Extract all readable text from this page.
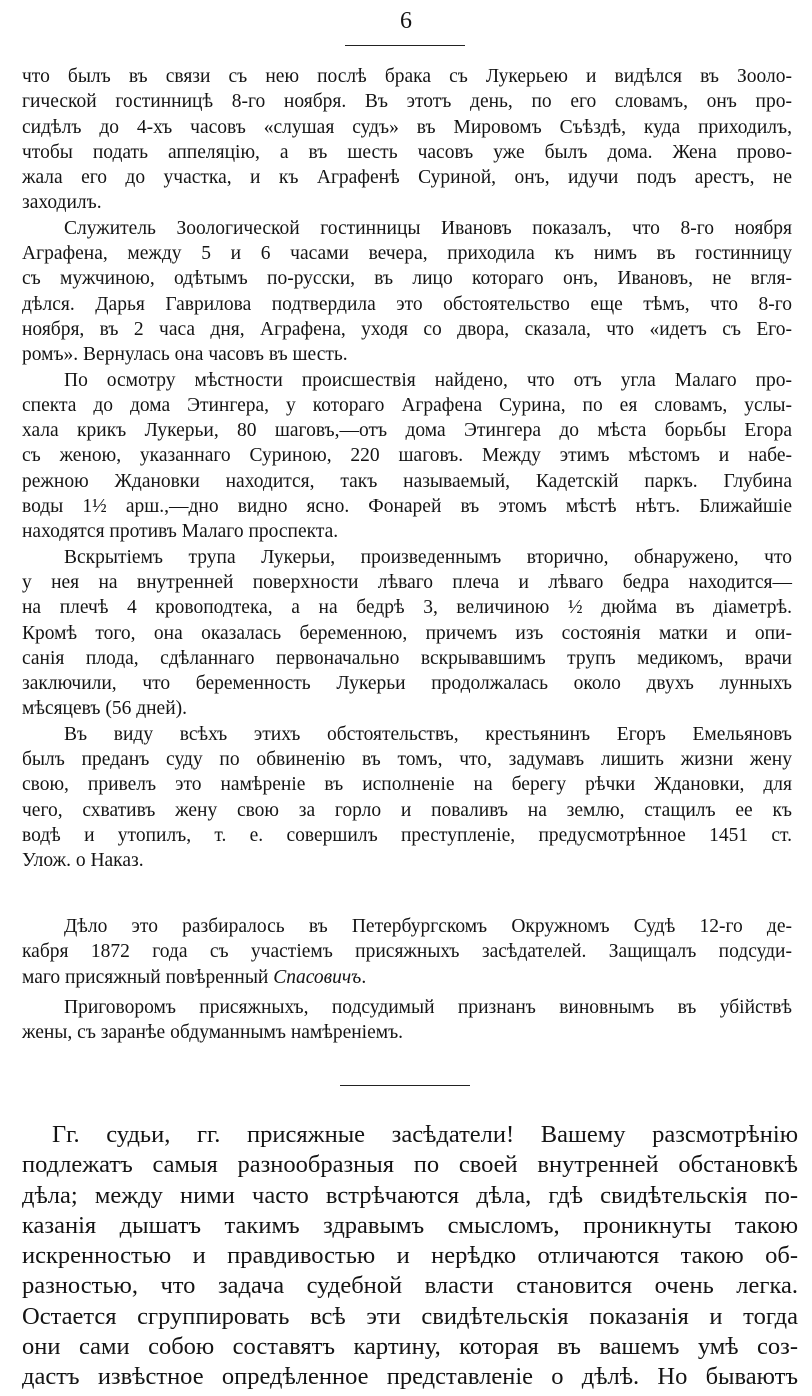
6
что былъ въ связи съ нею послѣ брака съ Лукерьею и видѣлся въ Зооло-
гической гостинницѣ 8-го ноября. Въ этотъ день, по его словамъ, онъ про-
сидѣлъ до 4-хъ часовъ «слушая судъ» въ Мировомъ Съѣздѣ, куда приходилъ,
чтобы подать аппеляцію, а въ шесть часовъ уже былъ дома. Жена прово-
жала его до участка, и къ Аграфенѣ Суриной, онъ, идучи подъ арестъ, не
заходилъ.
Служитель Зоологической гостинницы Ивановъ показалъ, что 8-го ноября
Аграфена, между 5 и 6 часами вечера, приходила къ нимъ въ гостинницу
съ мужчиною, одѣтымъ по-русски, въ лицо котораго онъ, Ивановъ, не вгля-
дѣлся. Дарья Гаврилова подтвердила это обстоятельство еще тѣмъ, что 8-го
ноября, въ 2 часа дня, Аграфена, уходя со двора, сказала, что «идетъ съ Его-
ромъ». Вернулась она часовъ въ шесть.
По осмотру мѣстности происшествія найдено, что отъ угла Малаго про-
спекта до дома Этингера, у котораго Аграфена Сурина, по ея словамъ, услы-
хала крикъ Лукерьи, 80 шаговъ,—отъ дома Этингера до мѣста борьбы Егора
съ женою, указаннаго Суриною, 220 шаговъ. Между этимъ мѣстомъ и набе-
режною Ждановки находится, такъ называемый, Кадетскій паркъ. Глубина
воды 1½ арш.,—дно видно ясно. Фонарей въ этомъ мѣстѣ нѣтъ. Ближайшіе
находятся противъ Малаго проспекта.
Вскрытіемъ трупа Лукерьи, произведеннымъ вторично, обнаружено, что
у нея на внутренней поверхности лѣваго плеча и лѣваго бедра находится—
на плечѣ 4 кровоподтека, а на бедрѣ 3, величиною ½ дюйма въ діаметрѣ.
Кромѣ того, она оказалась беременною, причемъ изъ состоянія матки и опи-
санія плода, сдѣланнаго первоначально вскрывавшимъ трупъ медикомъ, врачи
заключили, что беременность Лукерьи продолжалась около двухъ лунныхъ
мѣсяцевъ (56 дней).
Въ виду всѣхъ этихъ обстоятельствъ, крестьянинъ Егоръ Емельяновъ
былъ преданъ суду по обвиненію въ томъ, что, задумавъ лишить жизни жену
свою, привелъ это намѣреніе въ исполненіе на берегу рѣчки Ждановки, для
чего, схвативъ жену свою за горло и поваливъ на землю, стащилъ ее къ
водѣ и утопилъ, т. е. совершилъ преступленіе, предусмотрѣнное 1451 ст.
Улож. о Наказ.
Дѣло это разбиралось въ Петербургскомъ Окружномъ Судѣ 12-го де-
кабря 1872 года съ участіемъ присяжныхъ засѣдателей. Защищалъ подсуди-
маго присяжный повѣренный Спасовичъ.
Приговоромъ присяжныхъ, подсудимый признанъ виновнымъ въ убійствѣ
жены, съ заранѣе обдуманнымъ намѣреніемъ.
Гг. судьи, гг. присяжные засѣдатели! Вашему разсмотрѣнію
подлежатъ самыя разнообразныя по своей внутренней обстановкѣ
дѣла; между ними часто встрѣчаются дѣла, гдѣ свидѣтельскія по-
казанія дышатъ такимъ здравымъ смысломъ, проникнуты такою
искренностью и правдивостью и нерѣдко отличаются такою об-
разностью, что задача судебной власти становится очень легка.
Остается сгруппировать всѣ эти свидѣтельскія показанія и тогда
они сами собою составятъ картину, которая въ вашемъ умѣ соз-
дастъ извѣстное опредѣленное представленіе о дѣлѣ. Но бываютъ
